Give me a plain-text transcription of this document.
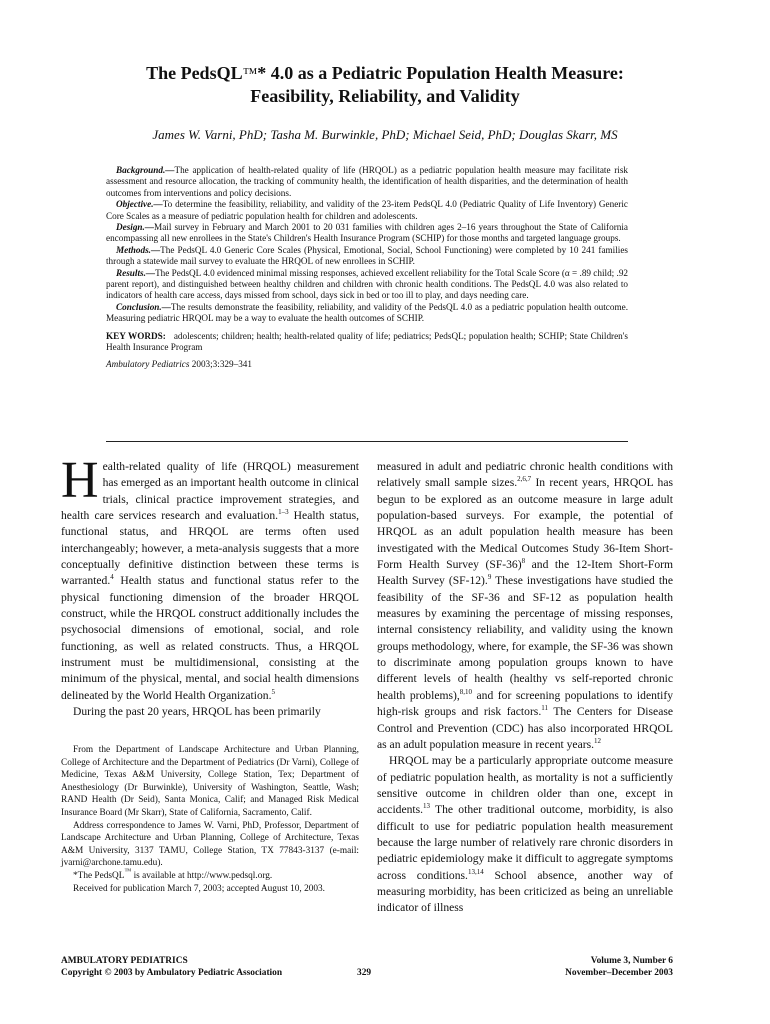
The PedsQL™* 4.0 as a Pediatric Population Health Measure:
Feasibility, Reliability, and Validity
James W. Varni, PhD; Tasha M. Burwinkle, PhD; Michael Seid, PhD; Douglas Skarr, MS

Background.—The application of health-related quality of life (HRQOL) as a pediatric population health measure may facilitate risk assessment and resource allocation, the tracking of community health, the identification of health disparities, and the determination of health outcomes from interventions and policy decisions.

Objective.—To determine the feasibility, reliability, and validity of the 23-item PedsQL 4.0 (Pediatric Quality of Life Inventory) Generic Core Scales as a measure of pediatric population health for children and adolescents.

Design.—Mail survey in February and March 2001 to 20 031 families with children ages 2–16 years throughout the State of California encompassing all new enrollees in the State's Children's Health Insurance Program (SCHIP) for those months and targeted language groups.

Methods.—The PedsQL 4.0 Generic Core Scales (Physical, Emotional, Social, School Functioning) were completed by 10 241 families through a statewide mail survey to evaluate the HRQOL of new enrollees in SCHIP.

Results.—The PedsQL 4.0 evidenced minimal missing responses, achieved excellent reliability for the Total Scale Score (α = .89 child; .92 parent report), and distinguished between healthy children and children with chronic health conditions. The PedsQL 4.0 was also related to indicators of health care access, days missed from school, days sick in bed or too ill to play, and days needing care.

Conclusion.—The results demonstrate the feasibility, reliability, and validity of the PedsQL 4.0 as a pediatric population health outcome. Measuring pediatric HRQOL may be a way to evaluate the health outcomes of SCHIP.

KEY WORDS: adolescents; children; health; health-related quality of life; pediatrics; PedsQL; population health; SCHIP; State Children's Health Insurance Program

Ambulatory Pediatrics 2003;3:329–341

Health-related quality of life (HRQOL) measurement has emerged as an important health outcome in clinical trials, clinical practice improvement strategies, and health care services research and evaluation.$^{1-3}$ Health status, functional status, and HRQOL are terms often used interchangeably; however, a meta-analysis suggests that a more conceptually definitive distinction between these terms is warranted.$^4$ Health status and functional status refer to the physical functioning dimension of the broader HRQOL construct, while the HRQOL construct additionally includes the psychosocial dimensions of emotional, social, and role functioning, as well as related constructs. Thus, a HRQOL instrument must be multidimensional, consisting at the minimum of the physical, mental, and social health dimensions delineated by the World Health Organization.$^5$

During the past 20 years, HRQOL has been primarily

From the Department of Landscape Architecture and Urban Planning, College of Architecture and the Department of Pediatrics (Dr Varni), College of Medicine, Texas A&M University, College Station, Tex; Department of Anesthesiology (Dr Burwinkle), University of Washington, Seattle, Wash; RAND Health (Dr Seid), Santa Monica, Calif; and Managed Risk Medical Insurance Board (Mr Skarr), State of California, Sacramento, Calif.

Address correspondence to James W. Varni, PhD, Professor, Department of Landscape Architecture and Urban Planning, College of Architecture, Texas A&M University, 3137 TAMU, College Station, TX 77843-3137 (e-mail: jvarni@archone.tamu.edu).

*The PedsQL™ is available at http://www.pedsql.org.

Received for publication March 7, 2003; accepted August 10, 2003.

measured in adult and pediatric chronic health conditions with relatively small sample sizes.$^{2,6,7}$ In recent years, HRQOL has begun to be explored as an outcome measure in large adult population-based surveys. For example, the potential of HRQOL as an adult population health measure has been investigated with the Medical Outcomes Study 36-Item Short-Form Health Survey $(SF-36)^8$ and the 12-Item Short-Form Health Survey (SF-12).$^9$ These investigations have studied the feasibility of the SF-36 and SF-12 as population health measures by examining the percentage of missing responses, internal consistency reliability, and validity using the known groups methodology, where, for example, the SF-36 was shown to discriminate among population groups known to have different levels of health (healthy vs self-reported chronic health problems),$^{8,10}$ and for screening populations to identify high-risk groups and risk factors.$^{11}$ The Centers for Disease Control and Prevention (CDC) has also incorporated HRQOL as an adult population measure in recent years.$^{12}$

HRQOL may be a particularly appropriate outcome measure of pediatric population health, as mortality is not a sufficiently sensitive outcome in children older than one, except in accidents.$^{13}$ The other traditional outcome, morbidity, is also difficult to use for pediatric population health measurement because the large number of relatively rare chronic disorders in pediatric epidemiology make it difficult to aggregate symptoms across conditions.$^{13,14}$ School absence, another way of measuring morbidity, has been criticized as being an unreliable indicator of illness

AMBULATORY PEDIATRICS
Copyright © 2003 by Ambulatory Pediatric Association	329
Volume 3, Number 6
November–December 2003
